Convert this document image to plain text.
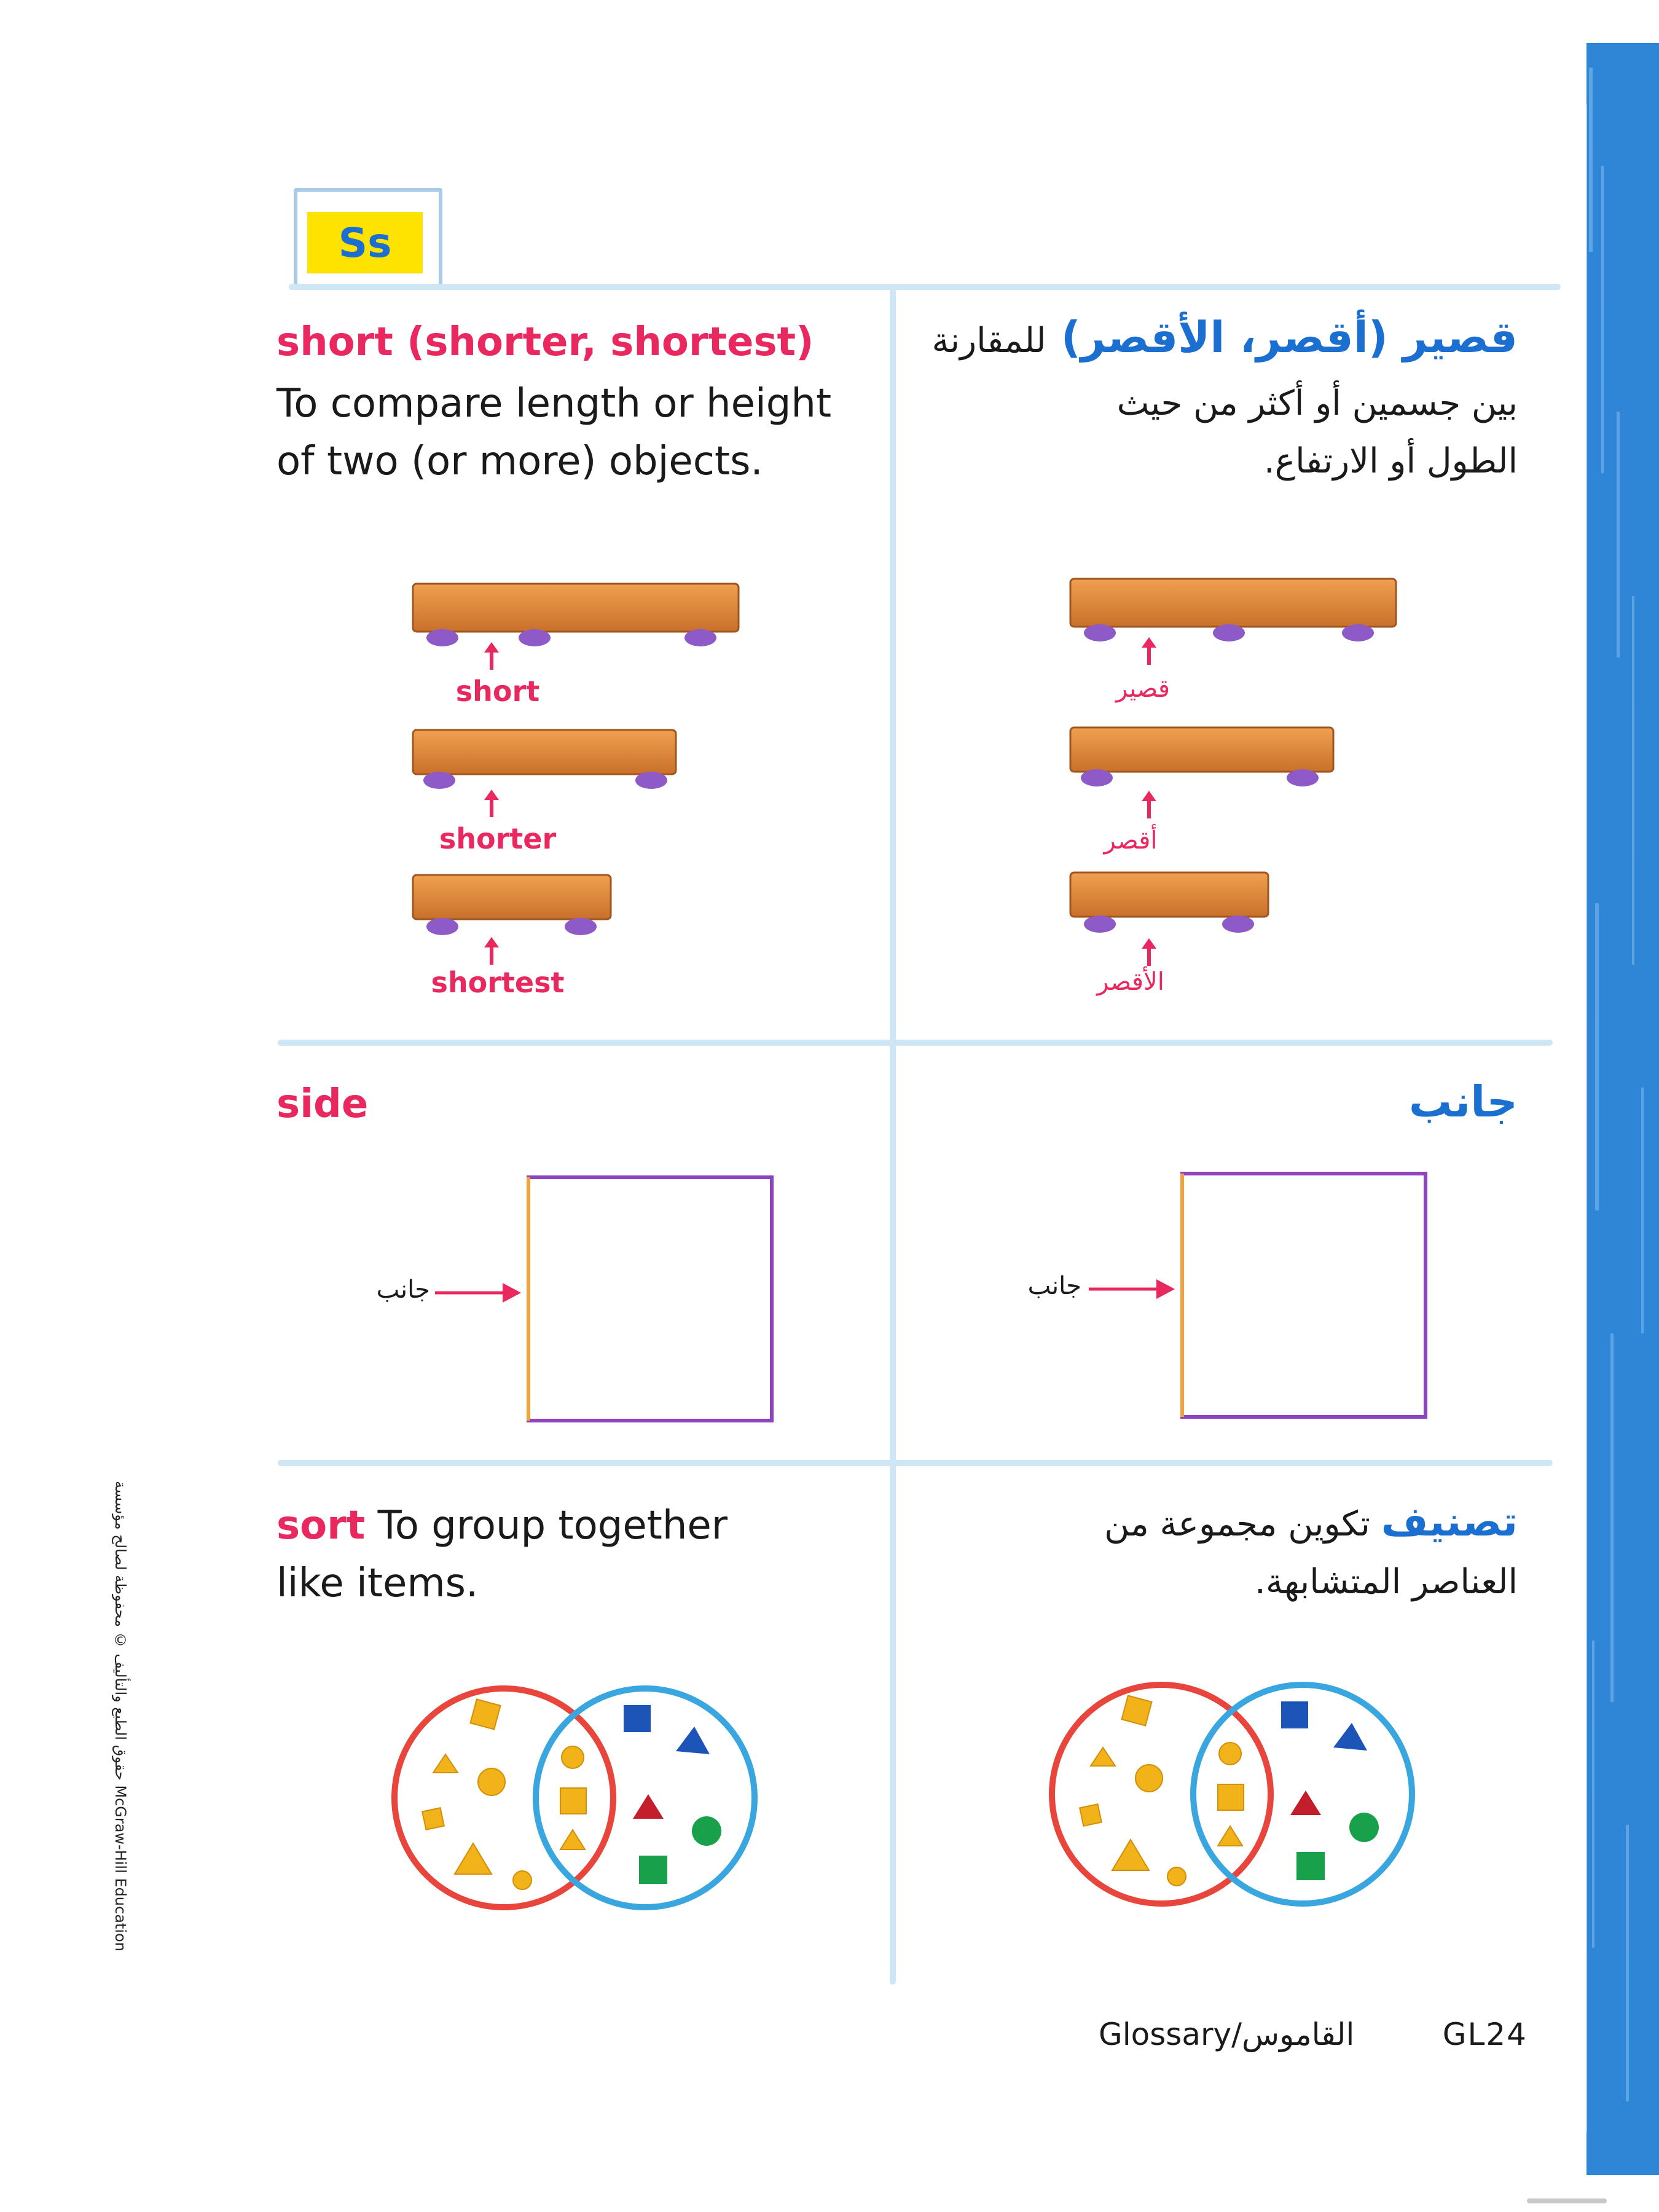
Ss
short (shorter, shortest)
To compare length or height
of two (or more) objects.
قصير (أقصر، الأقصر) للمقارنة
بين جسمين أو أكثر من حيث
الطول أو الارتفاع.
short
shorter
shortest
قصير
أقصر
الأقصر
side	جانب
جانب	جانب
sort To group together
like items.
تصنيف تكوين مجموعة من
العناصر المتشابهة.
حقوق الطبع والتأليف © محفوظة لصالح مؤسسة McGraw-Hill Education
Glossary/القاموس	GL24
